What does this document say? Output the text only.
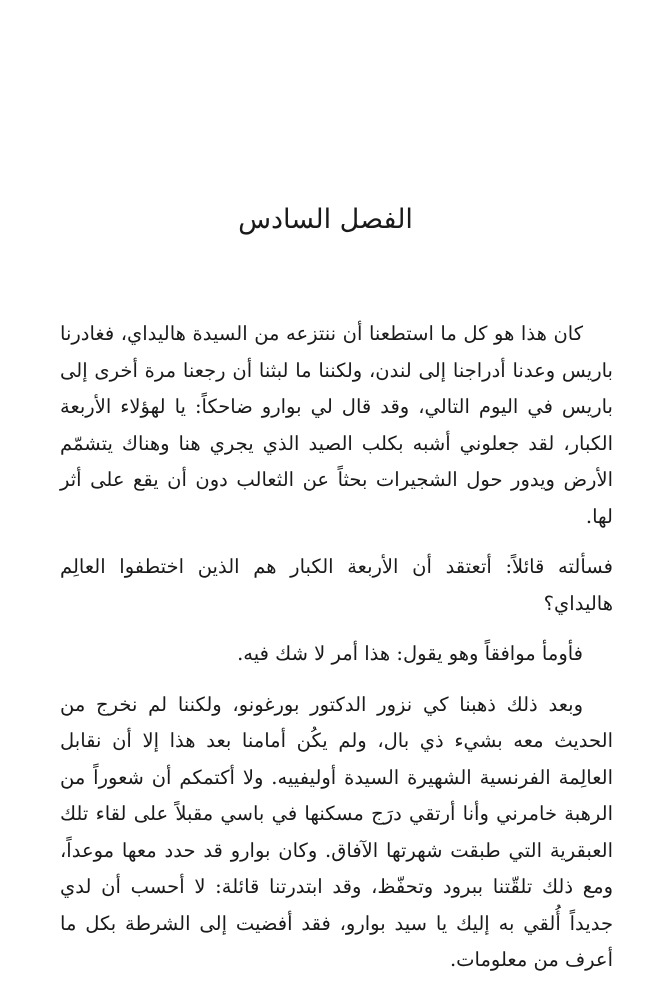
الفصل السادس

كان هذا هو كل ما استطعنا أن ننتزعه من السيدة هاليداي، فغادرنا باريس وعدنا أدراجنا إلى لندن، ولكننا ما لبثنا أن رجعنا مرة أخرى إلى باريس في اليوم التالي، وقد قال لي بوارو ضاحكاً: يا لهؤلاء الأربعة الكبار، لقد جعلوني أشبه بكلب الصيد الذي يجري هنا وهناك يتشمّم الأرض ويدور حول الشجيرات بحثاً عن الثعالب دون أن يقع على أثر لها.

فسألته قائلاً: أتعتقد أن الأربعة الكبار هم الذين اختطفوا العالِم هاليداي؟

فأومأ موافقاً وهو يقول: هذا أمر لا شك فيه.

وبعد ذلك ذهبنا كي نزور الدكتور بورغونو، ولكننا لم نخرج من الحديث معه بشيء ذي بال، ولم يكُن أمامنا بعد هذا إلا أن نقابل العالِمة الفرنسية الشهيرة السيدة أوليفييه. ولا أكتمكم أن شعوراً من الرهبة خامرني وأنا أرتقي درَج مسكنها في باسي مقبلاً على لقاء تلك العبقرية التي طبقت شهرتها الآفاق. وكان بوارو قد حدد معها موعداً، ومع ذلك تلقّتنا ببرود وتحفّظ، وقد ابتدرتنا قائلة: لا أحسب أن لدي جديداً أُلقي به إليك يا سيد بوارو، فقد أفضيت إلى الشرطة بكل ما أعرف من معلومات.
